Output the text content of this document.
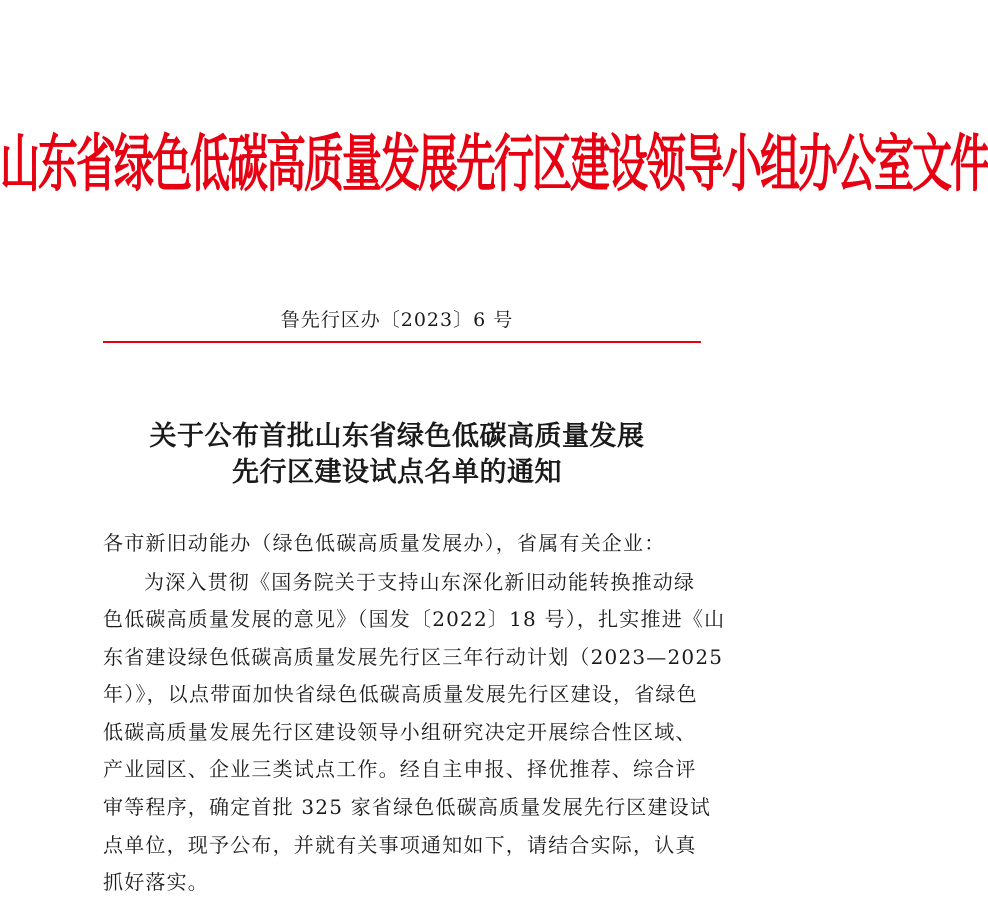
山东省绿色低碳高质量发展先行区建设领导小组办公室文件
鲁先行区办〔2023〕6 号
关于公布首批山东省绿色低碳高质量发展
先行区建设试点名单的通知
各市新旧动能办（绿色低碳高质量发展办），省属有关企业：
为深入贯彻《国务院关于支持山东深化新旧动能转换推动绿
色低碳高质量发展的意见》（国发〔2022〕18 号），扎实推进《山
东省建设绿色低碳高质量发展先行区三年行动计划（2023—2025
年）》，以点带面加快省绿色低碳高质量发展先行区建设，省绿色
低碳高质量发展先行区建设领导小组研究决定开展综合性区域、
产业园区、企业三类试点工作。经自主申报、择优推荐、综合评
审等程序，确定首批 325 家省绿色低碳高质量发展先行区建设试
点单位，现予公布，并就有关事项通知如下，请结合实际，认真
抓好落实。
